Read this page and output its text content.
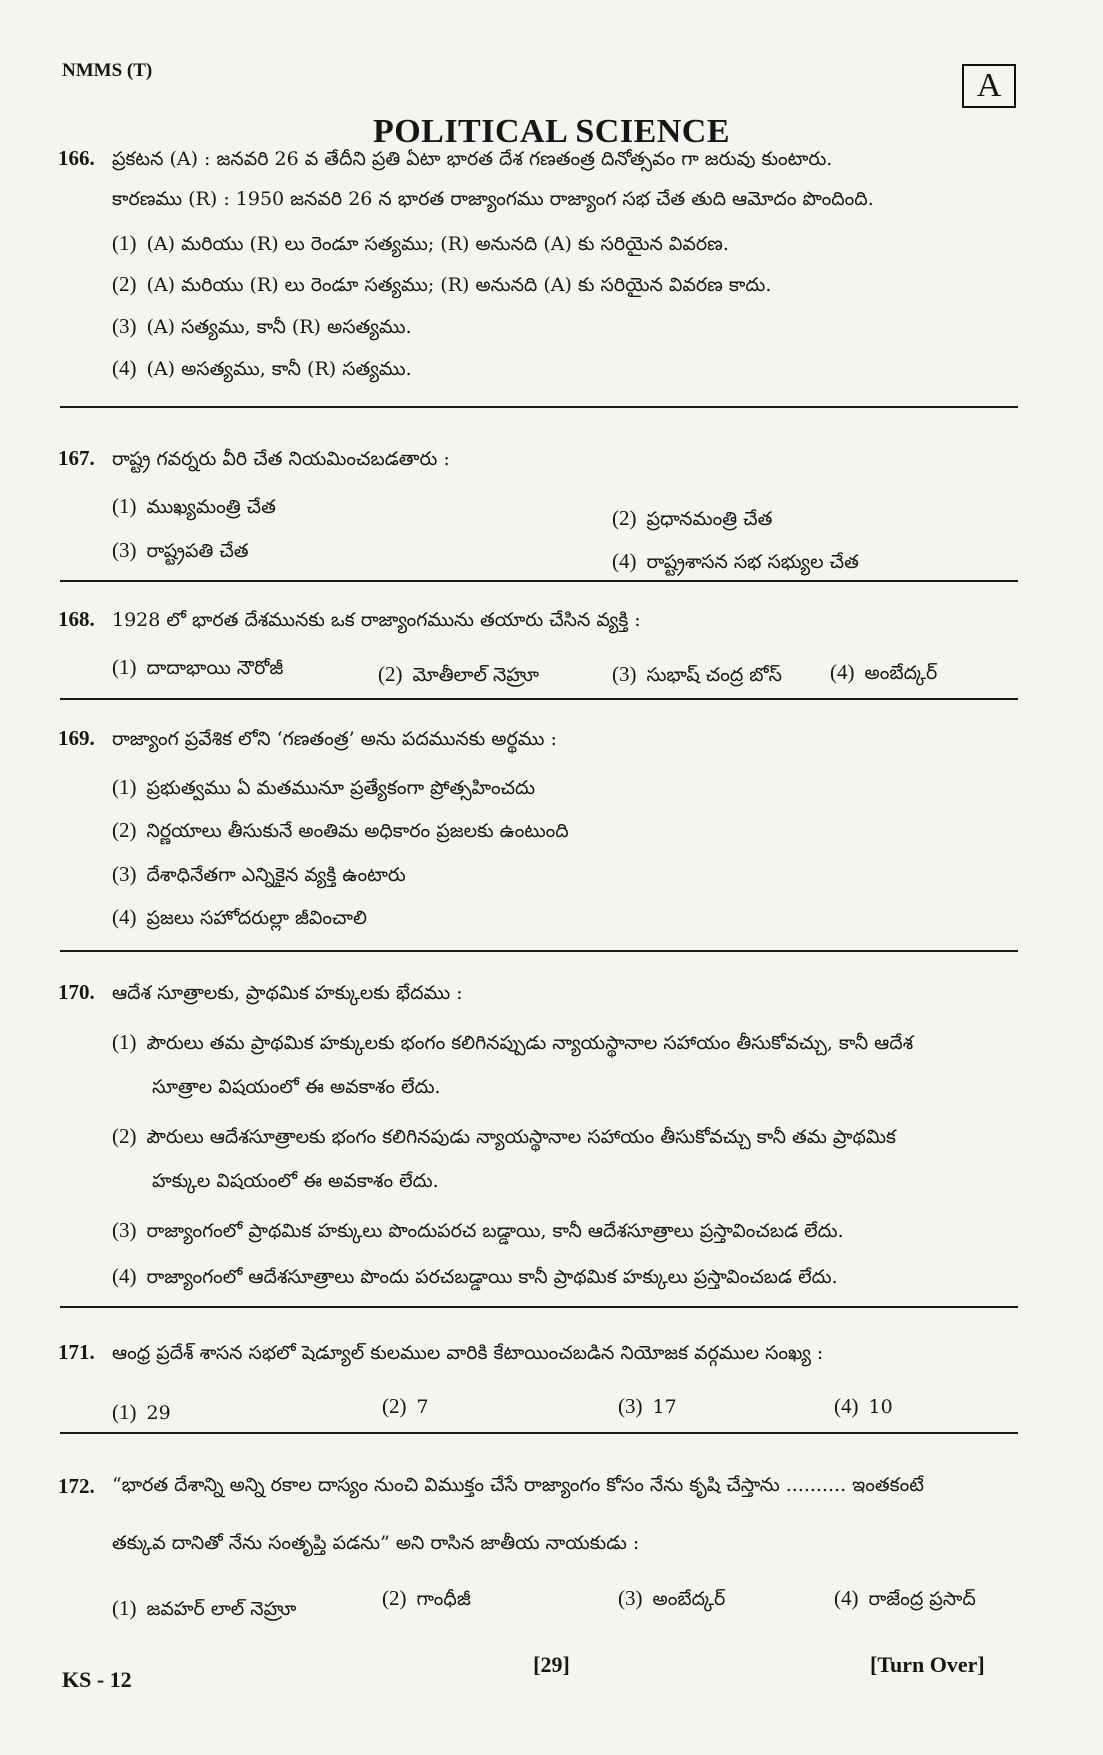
NMMS (T)	A
POLITICAL SCIENCE
166. ప్రకటన (A) : జనవరి 26 వ తేదీని ప్రతి ఏటా భారత దేశ గణతంత్ర దినోత్సవం గా జరువు కుంటారు.
కారణము (R) : 1950 జనవరి 26 న భారత రాజ్యాంగము రాజ్యాంగ సభ చేత తుది ఆమోదం పొందింది.
(1) (A) మరియు (R) లు రెండూ సత్యము; (R) అనునది (A) కు సరియైన వివరణ.
(2) (A) మరియు (R) లు రెండూ సత్యము; (R) అనునది (A) కు సరియైన వివరణ కాదు.
(3) (A) సత్యము, కానీ (R) అసత్యము.
(4) (A) అసత్యము, కానీ (R) సత్యము.
167. రాష్ట్ర గవర్నరు వీరి చేత నియమించబడతారు :
(1) ముఖ్యమంత్రి చేత	(2) ప్రధానమంత్రి చేత
(3) రాష్ట్రపతి చేత	(4) రాష్ట్రశాసన సభ సభ్యుల చేత
168. 1928 లో భారత దేశమునకు ఒక రాజ్యాంగమును తయారు చేసిన వ్యక్తి :
(1) దాదాభాయి నౌరోజీ	(2) మోతీలాల్ నెహ్రూ	(3) సుభాష్ చంద్ర బోస్ (4) అంబేద్కర్
169. రాజ్యాంగ ప్రవేశిక లోని ‘గణతంత్ర’ అను పదమునకు అర్థము :
(1) ప్రభుత్వము ఏ మతమునూ ప్రత్యేకంగా ప్రోత్సహించదు
(2) నిర్ణయాలు తీసుకునే అంతిమ అధికారం ప్రజలకు ఉంటుంది
(3) దేశాధినేతగా ఎన్నికైన వ్యక్తి ఉంటారు
(4) ప్రజలు సహోదరుల్లా జీవించాలి
170. ఆదేశ సూత్రాలకు, ప్రాథమిక హక్కులకు భేదము :
(1) పౌరులు తమ ప్రాథమిక హక్కులకు భంగం కలిగినప్పుడు న్యాయస్థానాల సహాయం తీసుకోవచ్చు, కానీ ఆదేశ
సూత్రాల విషయంలో ఈ అవకాశం లేదు.
(2) పౌరులు ఆదేశసూత్రాలకు భంగం కలిగినపుడు న్యాయస్థానాల సహాయం తీసుకోవచ్చు కానీ తమ ప్రాథమిక
హక్కుల విషయంలో ఈ అవకాశం లేదు.
(3) రాజ్యాంగంలో ప్రాథమిక హక్కులు పొందుపరచ బడ్డాయి, కానీ ఆదేశసూత్రాలు ప్రస్తావించబడ లేదు.
(4) రాజ్యాంగంలో ఆదేశసూత్రాలు పొందు పరచబడ్డాయి కానీ ప్రాథమిక హక్కులు ప్రస్తావించబడ లేదు.
171. ఆంధ్ర ప్రదేశ్ శాసన సభలో షెడ్యూల్ కులముల వారికి కేటాయించబడిన నియోజక వర్గముల సంఖ్య :
(1) 29	(2) 7	(3) 17	(4) 10
172. “భారత దేశాన్ని అన్ని రకాల దాస్యం నుంచి విముక్తం చేసే రాజ్యాంగం కోసం నేను కృషి చేస్తాను .......... ఇంతకంటే
తక్కువ దానితో నేను సంతృప్తి పడను” అని రాసిన జాతీయ నాయకుడు :
(1) జవహర్ లాల్ నెహ్రూ	(2) గాంధీజీ	(3) అంబేద్కర్	(4) రాజేంద్ర ప్రసాద్
KS - 12
[29]	[Turn Over]
